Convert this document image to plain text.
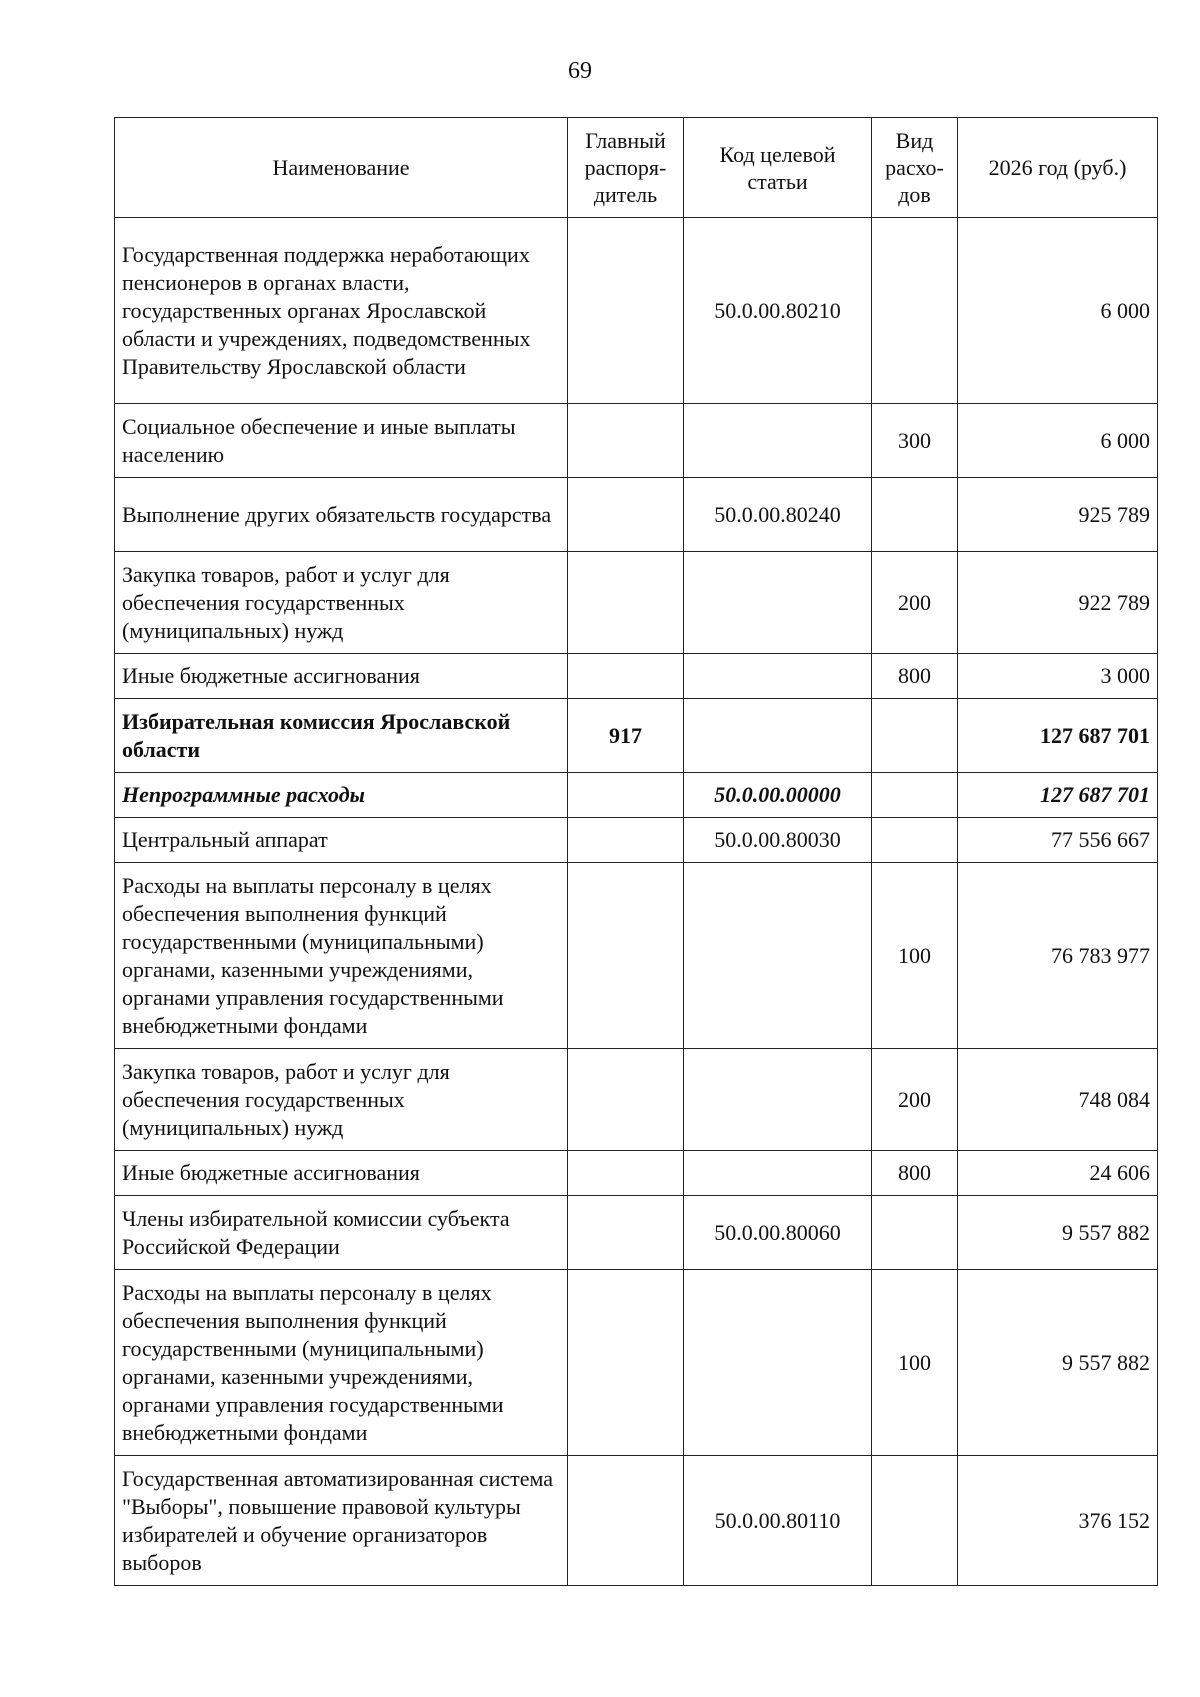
69
Наименование	Главный распоря-дитель	Код целевой статьи	Вид расхо-дов	2026 год (руб.)
Государственная поддержка неработающих пенсионеров в органах власти, государственных органах Ярославской области и учреждениях, подведомственных Правительству Ярославской области		50.0.00.80210		6 000
Социальное обеспечение и иные выплаты населению			300	6 000
Выполнение других обязательств государства		50.0.00.80240		925 789
Закупка товаров, работ и услуг для обеспечения государственных (муниципальных) нужд			200	922 789
Иные бюджетные ассигнования			800	3 000
Избирательная комиссия Ярославской области	917			127 687 701
Непрограммные расходы		50.0.00.00000		127 687 701
Центральный аппарат		50.0.00.80030		77 556 667
Расходы на выплаты персоналу в целях обеспечения выполнения функций государственными (муниципальными) органами, казенными учреждениями, органами управления государственными внебюджетными фондами			100	76 783 977
Закупка товаров, работ и услуг для обеспечения государственных (муниципальных) нужд			200	748 084
Иные бюджетные ассигнования			800	24 606
Члены избирательной комиссии субъекта Российской Федерации		50.0.00.80060		9 557 882
Расходы на выплаты персоналу в целях обеспечения выполнения функций государственными (муниципальными) органами, казенными учреждениями, органами управления государственными внебюджетными фондами			100	9 557 882
Государственная автоматизированная система "Выборы", повышение правовой культуры избирателей и обучение организаторов выборов		50.0.00.80110		376 152
